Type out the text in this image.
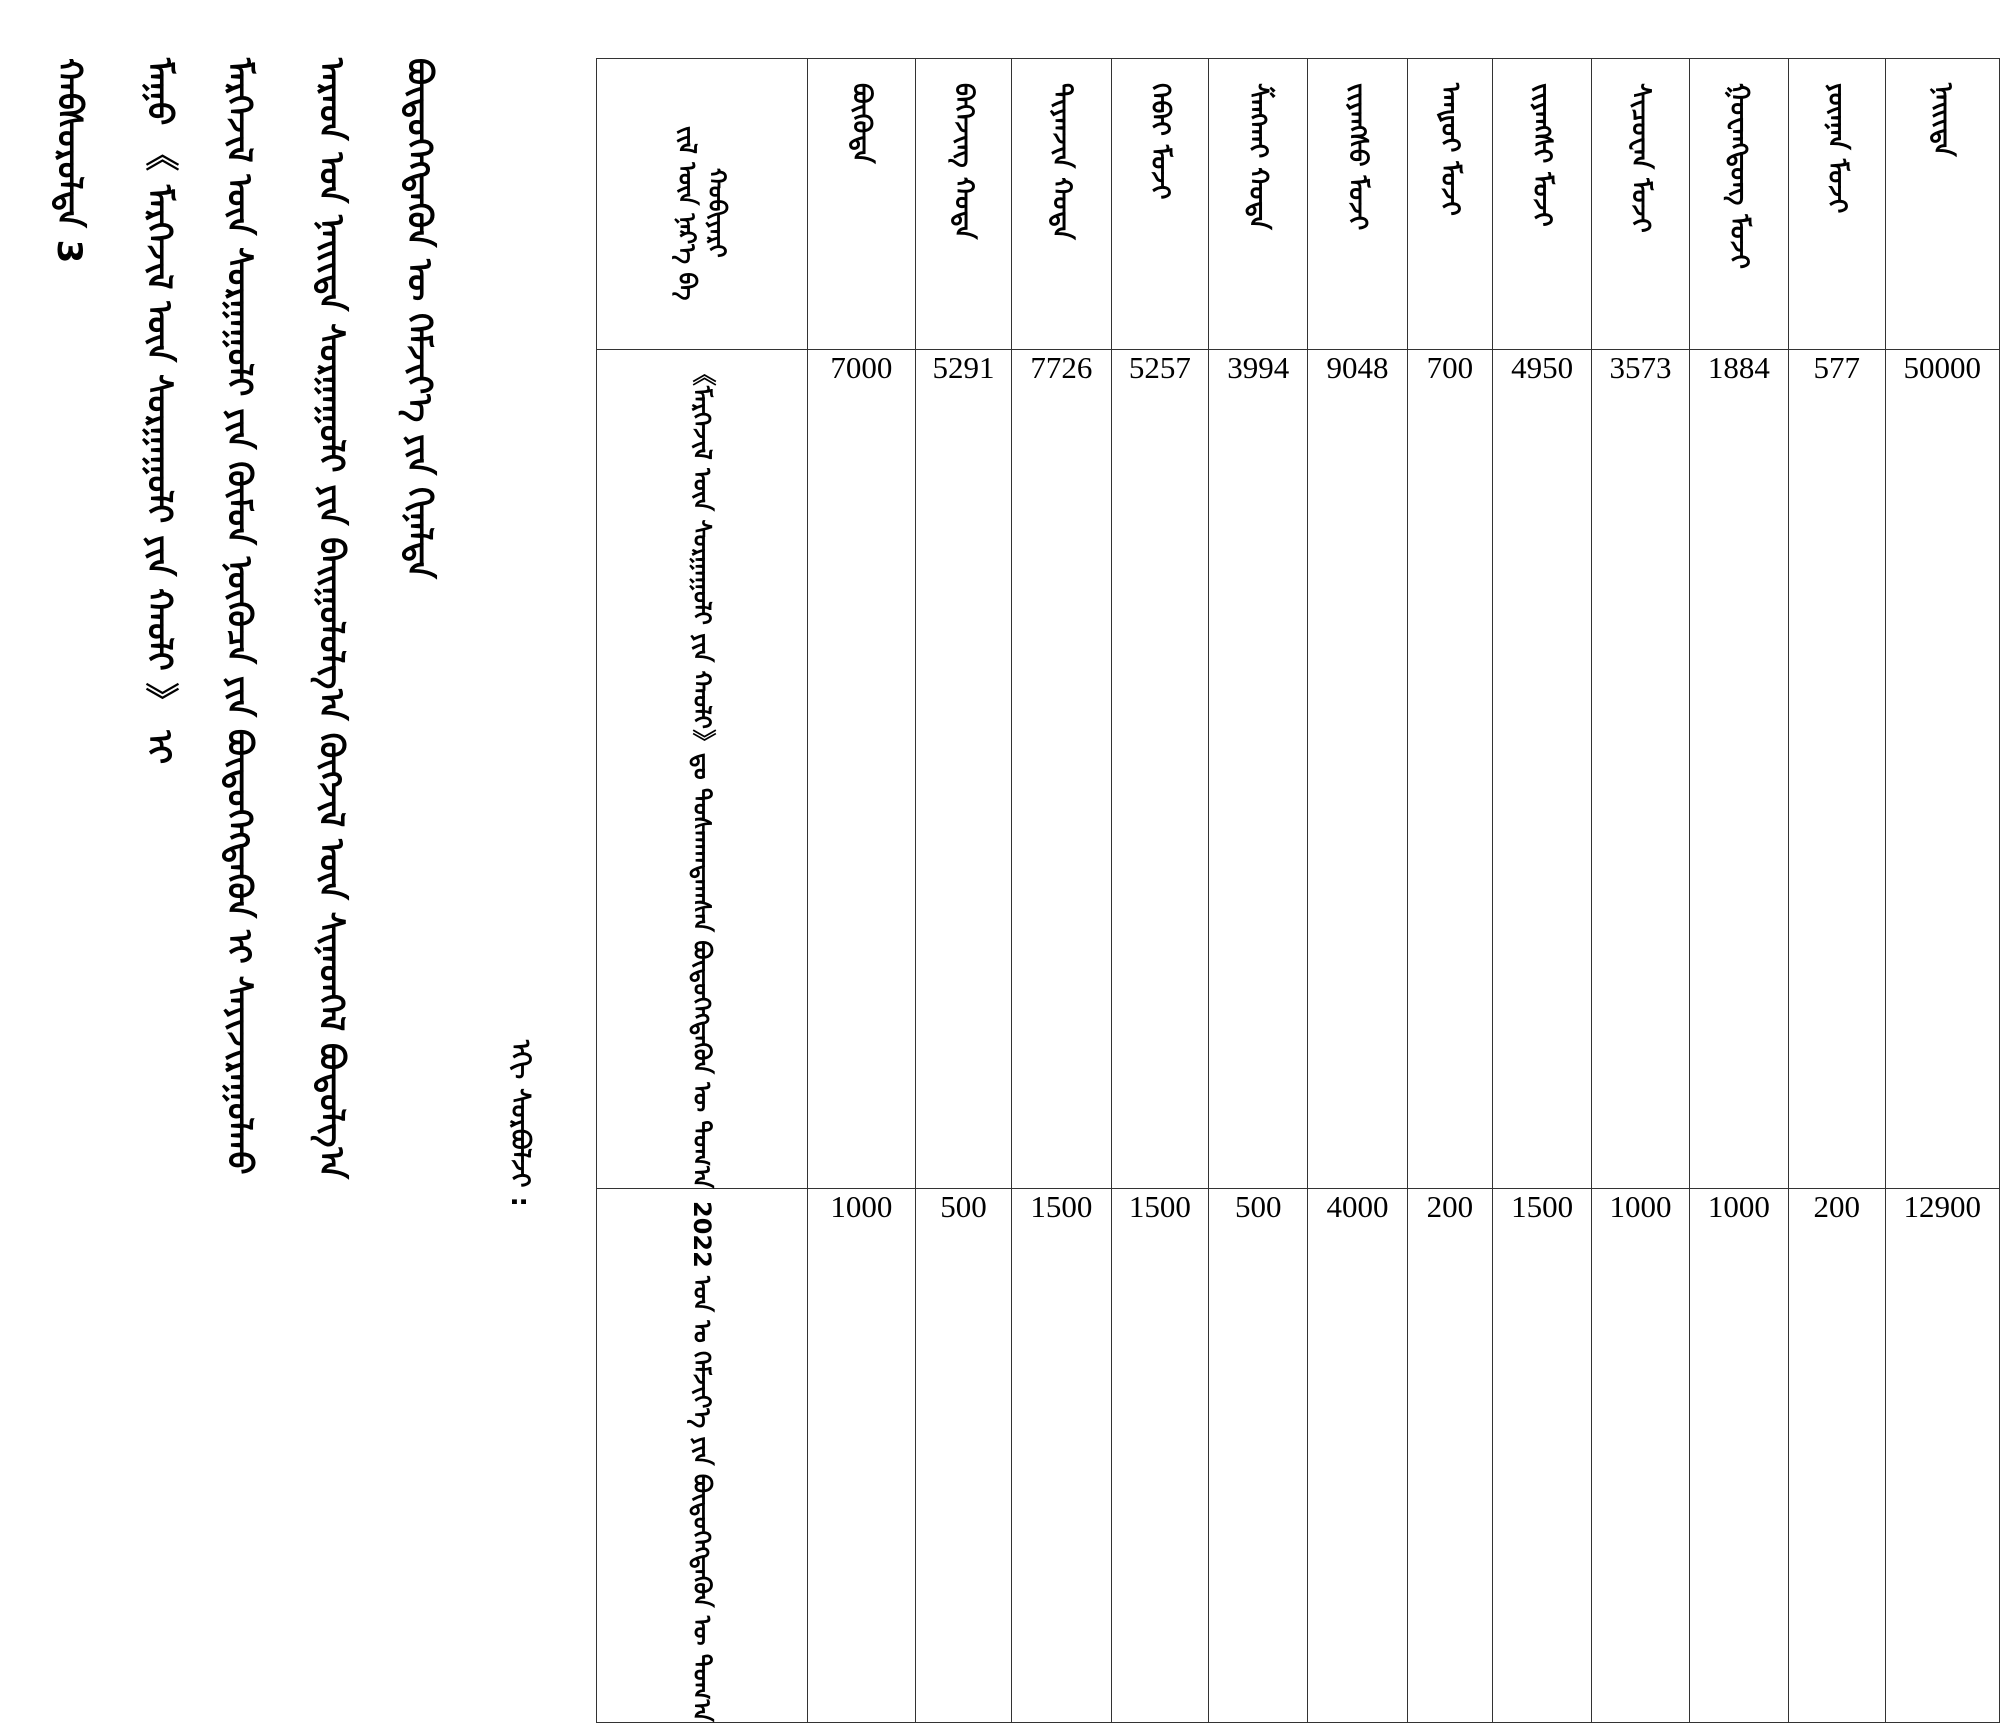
ᠬᠠᠪᠰᠤᠷᠤᠯᠲᠠ 3	ᠮᠠᠭᠤ 《 ᠮᠡᠷᠭᠡᠵᠢᠯ ᠦᠨ ᠰᠤᠷᠭᠠᠭᠤᠯᠢ ᠶᠢᠨ ᠬᠠᠤᠯᠢ 》 ᠢ	ᠮᠡᠷᠭᠡᠵᠢᠯ ᠦᠨ ᠰᠤᠷᠭᠠᠭᠤᠯᠢ ᠶᠢᠨ ᠬᠦᠮᠦᠨ ᠨᠦᠭᠦᠴᠡ ᠶᠢᠨ ᠪᠦᠲᠦᠭᠡᠭᠳᠡᠬᠦᠨ ᠢ ᠰᠠᠶᠢᠵᠢᠷᠠᠭᠤᠯᠬᠤ	ᠠᠷᠠᠳ ᠤᠨ ᠨᠡᠢᠢᠲᠡ ᠰᠤᠷᠭᠠᠭᠤᠯᠢ ᠶᠢᠨ ᠪᠠᠢᠭᠤᠯᠤᠯᠭ᠎ᠠ ᠬᠥᠭᠵᠢᠯ ᠦᠨ ᠰᠢᠨᠡᠳᠬᠡᠯ ᠪᠤᠳᠤᠯᠭ᠎ᠠ	ᠪᠦᠲᠦᠭᠡᠭᠳᠡᠬᠦᠨ ᠦ ᠬᠡᠮᠵᠢᠶ᠎ᠡ ᠶᠢᠨ ᠬᠢᠨᠠᠯᠲᠠ
ᠡᠬᠢ ᠰᠤᠷᠪᠤᠯᠵᠢ :
ᠵᠢᠯ ᠦᠨ ᠨᠡᠷ᠎ᠡ ᠪᠠ ᠬᠤᠪᠢᠶᠠᠷᠢ	ᠪᠦᠭᠦᠳᠡ	ᠪᠡᠭᠡᠵᠢᠩ ᠬᠤᠳᠠ	ᠲᠢᠶᠠᠨᠵᠢᠨ ᠬᠤᠳᠠ	ᠬᠡᠪᠡᠢ ᠮᠤᠵᠢ	ᠱᠠᠩᠬᠠᠢ ᠬᠤᠳᠠ	ᠵᠢᠶᠠᠩᠰᠦ ᠮᠤᠵᠢ	ᠠᠨᠾᠦᠢ ᠮᠤᠵᠢ	ᠵᠢᠶᠠᠩᠰᠢ ᠮᠤᠵᠢ	ᠰᠢᠴᠤᠸᠠᠨ ᠮᠤᠵᠢ	ᠭᠤᠸᠠᠩᠳᠦᠩ ᠮᠤᠵᠢ	ᠶᠦᠨᠨᠠᠨ ᠮᠤᠵᠢ	ᠨᠡᠢᠢᠲᠡ

《ᠮᠡᠷᠭᠡᠵᠢᠯ ᠦᠨ ᠰᠤᠷᠭᠠᠭᠤᠯᠢ ᠶᠢᠨ ᠬᠠᠤᠯᠢ》ᠳᠤ ᠲᠤᠰᠬᠠᠭᠳᠠᠭᠰᠠᠨ ᠪᠦᠲᠦᠭᠡᠭᠳᠡᠬᠦᠨ ᠦ ᠲᠣᠭ᠎ᠠ	7000	5291	7726	5257	3994	9048	700	4950	3573	1884	577	50000

2022 ᠣᠨ ᠤ ᠬᠡᠮᠵᠢᠶ᠎ᠡ ᠶᠢᠨ ᠪᠦᠲᠦᠭᠡᠭᠳᠡᠬᠦᠨ ᠦ ᠲᠣᠭ᠎ᠠ	1000	500	1500	1500	500	4000	200	1500	1000	1000	200	12900
